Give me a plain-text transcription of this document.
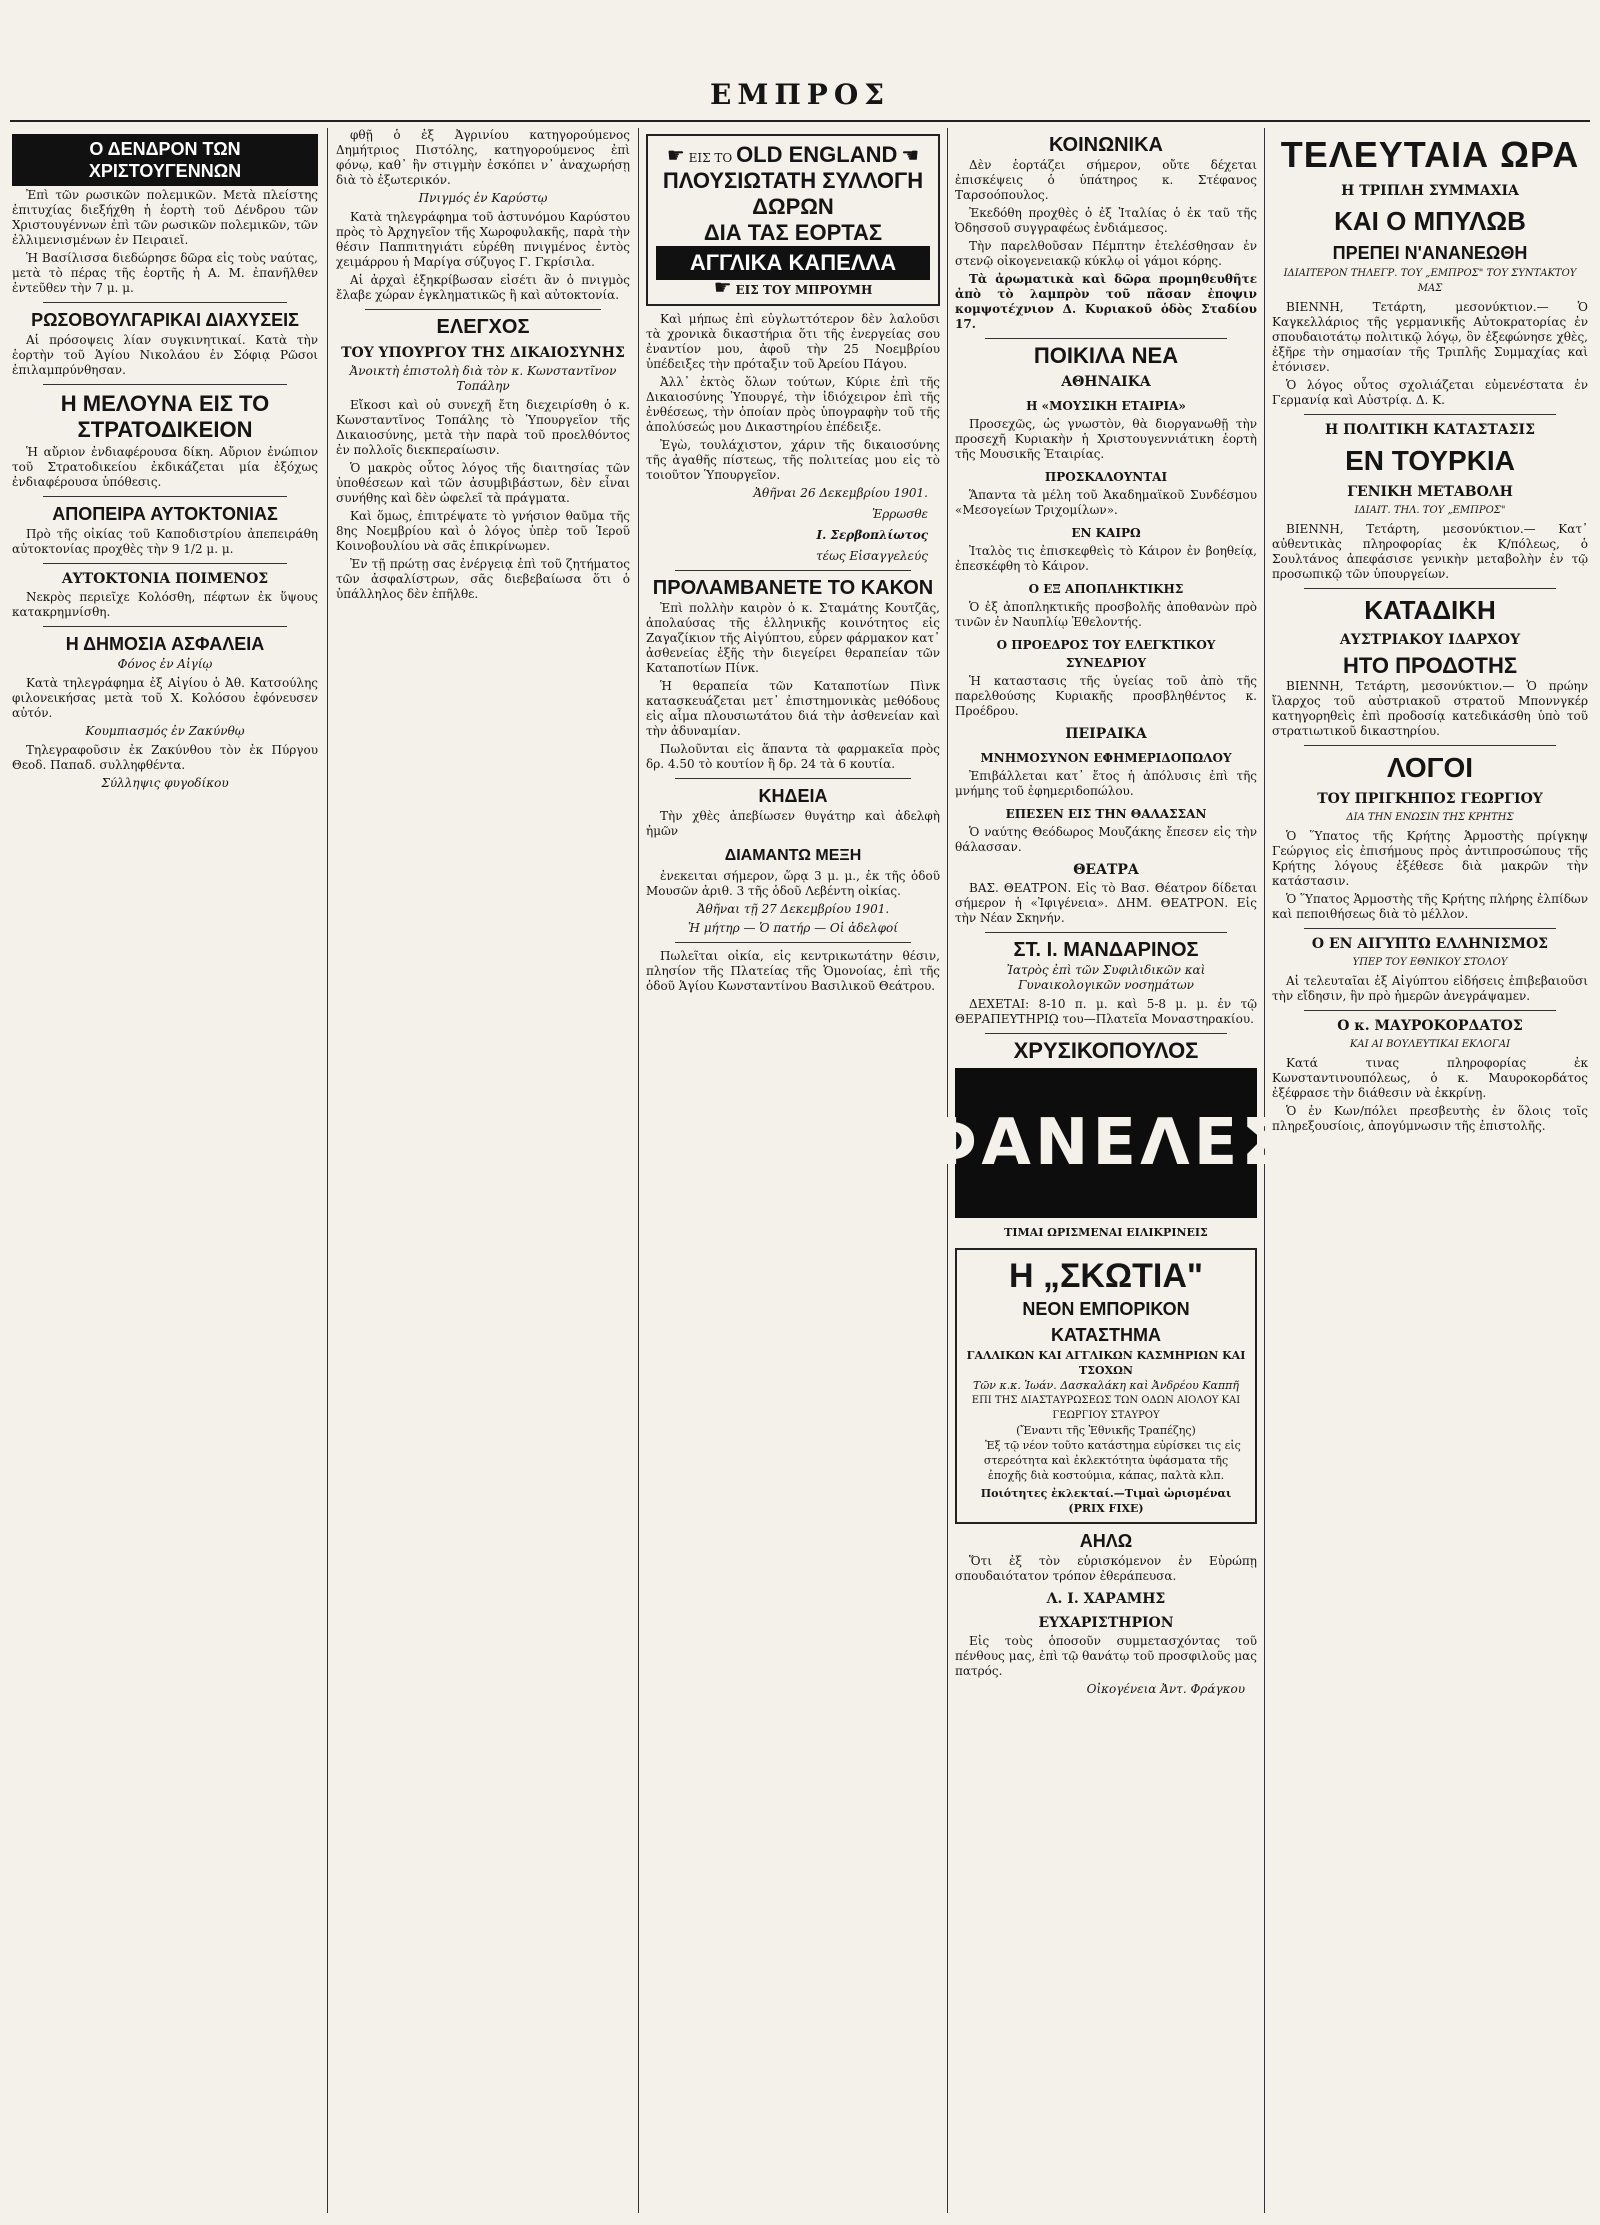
ΕΜΠΡΟΣ
Ο ΔΕΝΔΡΟΝ ΤΩΝ ΧΡΙΣΤΟΥΓΕΝΝΩΝ

Ἐπὶ τῶν ρωσικῶν πολεμικῶν. Μετὰ πλείστης ἐπιτυχίας διεξήχθη ἡ ἑορτὴ τοῦ Δένδρου τῶν Χριστουγέννων ἐπὶ τῶν ρωσικῶν πολεμικῶν, τῶν ἐλλιμενισμένων ἐν Πειραιεῖ.

Ἡ Βασίλισσα διεδώρησε δῶρα εἰς τοὺς ναύτας, μετὰ τὸ πέρας τῆς ἑορτῆς ἡ Α. Μ. ἐπανῆλθεν ἐντεῦθεν τὴν 7 μ. μ.

ΡΩΣΟΒΟΥΛΓΑΡΙΚΑΙ ΔΙΑΧΥΣΕΙΣ

Αἱ πρόσοψεις λίαν συγκινητικαί. Κατὰ τὴν ἑορτὴν τοῦ Ἁγίου Νικολάου ἐν Σόφιᾳ Ρῶσοι ἐπιλαμπρύνθησαν.

Η ΜΕΛΟΥΝΑ ΕΙΣ ΤΟ ΣΤΡΑΤΟΔΙΚΕΙΟΝ

Ἡ αὔριον ἐνδιαφέρουσα δίκη. Αὔριον ἐνώπιον τοῦ Στρατοδικείου ἐκδικάζεται μία ἐξόχως ἐνδιαφέρουσα ὑπόθεσις.

ΑΠΟΠΕΙΡΑ ΑΥΤΟΚΤΟΝΙΑΣ

Πρὸ τῆς οἰκίας τοῦ Καποδιστρίου ἀπεπειράθη αὐτοκτονίας προχθὲς τὴν 9 1/2 μ. μ.

ΑΥΤΟΚΤΟΝΙΑ ΠΟΙΜΕΝΟΣ

Νεκρὸς περιεῖχε Κολόσθη, πέφτων ἐκ ὕψους κατακρημνίσθη.

Η ΔΗΜΟΣΙΑ ΑΣΦΑΛΕΙΑ
Φόνος ἐν Αἰγίῳ

Κατὰ τηλεγράφημα ἐξ Αἰγίου ὁ Ἀθ. Κατσούλης φιλονεικήσας μετὰ τοῦ Χ. Κολόσου ἐφόνευσεν αὐτόν.

Κουμπιασμός ἐν Ζακύνθῳ

Τηλεγραφοῦσιν ἐκ Ζακύνθου τὸν ἐκ Πύργου Θεοδ. Παπαδ. συλληφθέντα.

Σύλληψις φυγοδίκου

φθῇ ὁ ἐξ Ἀγρινίου κατηγορούμενος Δημήτριος Πιστόλης, κατηγορούμενος ἐπὶ φόνῳ, καθ᾽ ἣν στιγμὴν ἐσκόπει ν᾽ ἀναχωρήσῃ διὰ τὸ ἐξωτερικόν.

Πνιγμός ἐν Καρύστῳ

Κατὰ τηλεγράφημα τοῦ ἀστυνόμου Καρύστου πρὸς τὸ Ἀρχηγεῖον τῆς Χωροφυλακῆς, παρὰ τὴν θέσιν Παππιτηγιάτι εὑρέθη πνιγμένος ἐντὸς χειμάρρου ἡ Μαρίγα σύζυγος Γ. Γκρίσιλα.

Αἱ ἀρχαὶ ἐξηκρίβωσαν εἰσέτι ἂν ὁ πνιγμὸς ἔλαβε χώραν ἐγκληματικῶς ἢ καὶ αὐτοκτονία.

ΕΛΕΓΧΟΣ
ΤΟΥ ΥΠΟΥΡΓΟΥ ΤΗΣ ΔΙΚΑΙΟΣΥΝΗΣ
Ἀνοικτὴ ἐπιστολὴ διὰ τὸν κ. Κωνσταντῖνον Τοπάλην

Εἴκοσι καὶ οὐ συνεχῆ ἔτη διεχειρίσθη ὁ κ. Κωνσταντῖνος Τοπάλης τὸ Ὑπουργεῖον τῆς Δικαιοσύνης, μετὰ τὴν παρὰ τοῦ προελθόντος ἐν πολλοῖς διεκπεραίωσιν.

Ὁ μακρὸς οὗτος λόγος τῆς διαιτησίας τῶν ὑποθέσεων καὶ τῶν ἀσυμβιβάστων, δὲν εἶναι συνήθης καὶ δὲν ὠφελεῖ τὰ πράγματα.

Καὶ ὅμως, ἐπιτρέψατε τὸ γνήσιον θαῦμα τῆς 8ης Νοεμβρίου καὶ ὁ λόγος ὑπὲρ τοῦ Ἱεροῦ Κοινοβουλίου νὰ σᾶς ἐπικρίνωμεν.

Ἐν τῇ πρώτῃ σας ἐνέργειᾳ ἐπὶ τοῦ ζητήματος τῶν ἀσφαλίστρων, σᾶς διεβεβαίωσα ὅτι ὁ ὑπάλληλος δὲν ἐπῆλθε.

☛ ΕΙΣ ΤΟ OLD ENGLAND ☚
ΠΛΟΥΣΙΩΤΑΤΗ ΣΥΛΛΟΓΗ ΔΩΡΩΝ
ΔΙΑ ΤΑΣ ΕΟΡΤΑΣ
ΑΓΓΛΙΚΑ ΚΑΠΕΛΛΑ
☛ ΕΙΣ ΤΟΥ ΜΠΡΟΥΜΗ

Καὶ μήπως ἐπὶ εὐγλωττότερον δὲν λαλοῦσι τὰ χρονικὰ δικαστήρια ὅτι τῆς ἐνεργείας σου ἐναντίον μου, ἀφοῦ τὴν 25 Νοεμβρίου ὑπέδειξες τὴν πρόταξιν τοῦ Ἀρείου Πάγου.

Ἀλλ᾽ ἐκτὸς ὅλων τούτων, Κύριε ἐπὶ τῆς Δικαιοσύνης Ὑπουργέ, τὴν ἰδιόχειρον ἐπὶ τῆς ἐνθέσεως, τὴν ὁποίαν πρὸς ὑπογραφὴν τοῦ τῆς ἀπολύσεώς μου Δικαστηρίου ἐπέδειξε.

Ἐγὼ, τουλάχιστον, χάριν τῆς δικαιοσύνης τῆς ἀγαθῆς πίστεως, τῆς πολιτείας μου εἰς τὸ τοιοῦτον Ὑπουργεῖον.

Ἀθῆναι 26 Δεκεμβρίου 1901.
Ἐρρωσθε
Ι. Σερβοπλίωτος
τέως Εἰσαγγελεύς
ΠΡΟΛΑΜΒΑΝΕΤΕ ΤΟ ΚΑΚΟΝ

Ἐπὶ πολλὴν καιρὸν ὁ κ. Σταμάτης Κουτζᾶς, ἀπολαύσας τῆς ἑλληνικῆς κοινότητος εἰς Ζαγαζίκιον τῆς Αἰγύπτου, εὗρεν φάρμακον κατ᾽ ἀσθενείας ἐξῆς τὴν διεγείρει θεραπείαν τῶν Καταποτίων Πίνκ.

Ἡ θεραπεία τῶν Καταποτίων Πὶνκ κατασκευάζεται μετ᾽ ἐπιστημονικὰς μεθόδους εἰς αἷμα πλουσιωτάτου διά τὴν ἀσθενείαν καὶ τὴν ἀδυναμίαν.

Πωλοῦνται εἰς ἅπαντα τὰ φαρμακεῖα πρὸς δρ. 4.50 τὸ κουτίον ἢ δρ. 24 τὰ 6 κουτία.

ΚΗΔΕΙΑ

Τὴν χθὲς ἀπεβίωσεν θυγάτηρ καὶ ἀδελφὴ ἡμῶν

ΔΙΑΜΑΝΤΩ ΜΕΞΗ

ἐνεκειται σήμερον, ὥρᾳ 3 μ. μ., ἐκ τῆς ὁδοῦ Μουσῶν ἀριθ. 3 τῆς ὁδοῦ Λεβέντη οἰκίας.

Ἀθῆναι τῇ 27 Δεκεμβρίου 1901.
Ἡ μήτηρ — Ὁ πατήρ — Οἱ ἀδελφοί

Πωλεῖται οἰκία, εἰς κεντρικωτάτην θέσιν, πλησίον τῆς Πλατείας τῆς Ὁμονοίας, ἐπὶ τῆς ὁδοῦ Ἁγίου Κωνσταντίνου Βασιλικοῦ Θεάτρου.

ΚΟΙΝΩΝΙΚΑ

Δὲν ἑορτάζει σήμερον, οὔτε δέχεται ἐπισκέψεις ὁ ὑπάτηρος κ. Στέφανος Ταρσοόπουλος.

Ἐκεδόθη προχθὲς ὁ ἐξ Ἰταλίας ὁ ἐκ ταῦ τῆς Ὀδησσοῦ συγγραφέως ἐνδιάμεσος.

Τὴν παρελθοῦσαν Πέμπτην ἐτελέσθησαν ἐν στενῷ οἰκογενειακῷ κύκλῳ οἱ γάμοι κόρης.

Τὰ ἀρωματικὰ καὶ δῶρα προμηθευθῆτε ἀπὸ τὸ λαμπρὸν τοῦ πᾶσαν ἐποψιν κομψοτέχνιον Δ. Κυριακοῦ ὁδὸς Σταδίου 17.

ΠΟΙΚΙΛΑ ΝΕΑ
ΑΘΗΝΑΙΚΑ
Η «ΜΟΥΣΙΚΗ ΕΤΑΙΡΙΑ»

Προσεχῶς, ὡς γνωστὸν, θὰ διοργανωθῇ τὴν προσεχῆ Κυριακὴν ἡ Χριστουγεννιάτικη ἑορτὴ τῆς Μουσικῆς Ἑταιρίας.

ΠΡΟΣΚΑΛΟΥΝΤΑΙ

Ἅπαντα τὰ μέλη τοῦ Ἀκαδημαϊκοῦ Συνδέσμου «Μεσογείων Τριχομίλων».

ΕΝ ΚΑΙΡΩ

Ἰταλὸς τις ἐπισκεφθεὶς τὸ Κάιρον ἐν βοηθείᾳ, ἐπεσκέφθη τὸ Κάιρον.

Ο ΕΞ ΑΠΟΠΛΗΚΤΙΚΗΣ

Ὁ ἐξ ἀποπληκτικῆς προσβολῆς ἀποθανὼν πρὸ τινῶν ἐν Ναυπλίῳ Ἐθελοντής.

Ο ΠΡΟΕΔΡΟΣ ΤΟΥ ΕΛΕΓΚΤΙΚΟΥ ΣΥΝΕΔΡΙΟΥ

Ἡ καταστασις τῆς ὑγείας τοῦ ἀπὸ τῆς παρελθούσης Κυριακῆς προσβληθέντος κ. Προέδρου.

ΠΕΙΡΑΙΚΑ
ΜΝΗΜΟΣΥΝΟΝ ΕΦΗΜΕΡΙΔΟΠΩΛΟΥ

Ἐπιβάλλεται κατ᾽ ἔτος ἡ ἀπόλυσις ἐπὶ τῆς μνήμης τοῦ ἐφημεριδοπώλου.

ΕΠΕΣΕΝ ΕΙΣ ΤΗΝ ΘΑΛΑΣΣΑΝ

Ὁ ναύτης Θεόδωρος Μουζάκης ἔπεσεν εἰς τὴν θάλασσαν.

ΘΕΑΤΡΑ

ΒΑΣ. ΘΕΑΤΡΟΝ. Εἰς τὸ Βασ. Θέατρον δίδεται σήμερον ἡ «Ἰφιγένεια». ΔΗΜ. ΘΕΑΤΡΟΝ. Εἰς τὴν Νέαν Σκηνήν.

ΣΤ. Ι. ΜΑΝΔΑΡΙΝΟΣ
Ἰατρὸς ἐπὶ τῶν Συφιλιδικῶν καὶ Γυναικολογικῶν νοσημάτων

ΔΕΧΕΤΑΙ: 8-10 π. μ. καὶ 5-8 μ. μ. ἐν τῷ ΘΕΡΑΠΕΥΤΗΡΙῼ του—Πλατεῖα Μοναστηρακίου.

ΧΡΥΣΙΚΟΠΟΥΛΟΣ
ΦΑΝΕΛΕΣ
ΤΙΜΑΙ ΩΡΙΣΜΕΝΑΙ ΕΙΛΙΚΡΙΝΕΙΣ
Η „ΣΚΩΤΙΑ"
ΝΕΟΝ ΕΜΠΟΡΙΚΟΝ ΚΑΤΑΣΤΗΜΑ
ΓΑΛΛΙΚΩΝ ΚΑΙ ΑΓΓΛΙΚΩΝ ΚΑΣΜΗΡΙΩΝ ΚΑΙ ΤΣΟΧΩΝ
Τῶν κ.κ. Ἰωάν. Δασκαλάκη καὶ Ἀνδρέου Καππῆ
ΕΠΙ ΤΗΣ ΔΙΑΣΤΑΥΡΩΣΕΩΣ ΤΩΝ ΟΔΩΝ ΑΙΟΛΟΥ ΚΑΙ ΓΕΩΡΓΙΟΥ ΣΤΑΥΡΟΥ
(Ἔναντι τῆς Ἐθνικῆς Τραπέζης)

Ἐξ τῷ νέον τοῦτο κατάστημα εὑρίσκει τις εἰς στερεότητα καὶ ἐκλεκτότητα ὑφάσματα τῆς ἐποχῆς διὰ κοστούμια, κάπας, παλτὰ κλπ.

Ποιότητες ἐκλεκταί.—Τιμαὶ ὡρισμέναι (PRIX FIXE)
ΑΗΛΩ

Ὅτι ἐξ τὸν εὑρισκόμενον ἐν Εὐρώπῃ σπουδαιότατον τρόπον ἐθεράπευσα.

Λ. Ι. ΧΑΡΑΜΗΣ
ΕΥΧΑΡΙΣΤΗΡΙΟΝ

Εἰς τοὺς ὁποσοῦν συμμετασχόντας τοῦ πένθους μας, ἐπὶ τῷ θανάτῳ τοῦ προσφιλοῦς μας πατρός.

Οἰκογένεια Ἀντ. Φράγκου
ΤΕΛΕΥΤΑΙΑ ΩΡΑ
Η ΤΡΙΠΛΗ ΣΥΜΜΑΧΙΑ
ΚΑΙ Ο ΜΠΥΛΩΒ
ΠΡΕΠΕΙ Ν'ΑΝΑΝΕΩΘΗ
ΙΔΙΑΙΤΕΡΟΝ ΤΗΛΕΓΡ. ΤΟΥ „ΕΜΠΡΟΣ" ΤΟΥ ΣΥΝΤΑΚΤΟΥ ΜΑΣ

ΒΙΕΝΝΗ, Τετάρτη, μεσονύκτιον.— Ὁ Καγκελλάριος τῆς γερμανικῆς Αὐτοκρατορίας ἐν σπουδαιοτάτῳ πολιτικῷ λόγῳ, ὃν ἐξεφώνησε χθὲς, ἐξῆρε τὴν σημασίαν τῆς Τριπλῆς Συμμαχίας καὶ ἐτόνισεν.

Ὁ λόγος οὗτος σχολιάζεται εὐμενέστατα ἐν Γερμανίᾳ καὶ Αὐστρίᾳ. Δ. Κ.

Η ΠΟΛΙΤΙΚΗ ΚΑΤΑΣΤΑΣΙΣ
ΕΝ ΤΟΥΡΚΙΑ
ΓΕΝΙΚΗ ΜΕΤΑΒΟΛΗ
ΙΔΙΑΙΤ. ΤΗΛ. ΤΟΥ „ΕΜΠΡΟΣ"

ΒΙΕΝΝΗ, Τετάρτη, μεσονύκτιον.— Κατ᾽ αὐθεντικὰς πληροφορίας ἐκ Κ/πόλεως, ὁ Σουλτάνος ἀπεφάσισε γενικὴν μεταβολὴν ἐν τῷ προσωπικῷ τῶν ὑπουργείων.

ΚΑΤΑΔΙΚΗ
ΑΥΣΤΡΙΑΚΟΥ ΙΔΑΡΧΟΥ
ΗΤΟ ΠΡΟΔΟΤΗΣ

ΒΙΕΝΝΗ, Τετάρτη, μεσονύκτιον.— Ὁ πρώην ἴλαρχος τοῦ αὐστριακοῦ στρατοῦ Μποννγκέρ κατηγορηθεὶς ἐπὶ προδοσίᾳ κατεδικάσθη ὑπὸ τοῦ στρατιωτικοῦ δικαστηρίου.

ΛΟΓΟΙ
ΤΟΥ ΠΡΙΓΚΗΠΟΣ ΓΕΩΡΓΙΟΥ
ΔΙΑ ΤΗΝ ΕΝΩΣΙΝ ΤΗΣ ΚΡΗΤΗΣ

Ὁ Ὕπατος τῆς Κρήτης Ἁρμοστὴς πρίγκηψ Γεώργιος εἰς ἐπισήμους πρὸς ἀντιπροσώπους τῆς Κρήτης λόγους ἐξέθεσε διὰ μακρῶν τὴν κατάστασιν.

Ὁ Ὕπατος Ἁρμοστὴς τῆς Κρήτης πλήρης ἐλπίδων καὶ πεποιθήσεως διὰ τὸ μέλλον.

Ο ΕΝ ΑΙΓΥΠΤΩ ΕΛΛΗΝΙΣΜΟΣ
ΥΠΕΡ ΤΟΥ ΕΘΝΙΚΟΥ ΣΤΟΛΟΥ

Αἱ τελευταῖαι ἐξ Αἰγύπτου εἰδήσεις ἐπιβεβαιοῦσι τὴν εἴδησιν, ἣν πρὸ ἡμερῶν ἀνεγράψαμεν.

Ο κ. ΜΑΥΡΟΚΟΡΔΑΤΟΣ
ΚΑΙ ΑΙ ΒΟΥΛΕΥΤΙΚΑΙ ΕΚΛΟΓΑΙ

Κατά τινας πληροφορίας ἐκ Κωνσταντινουπόλεως, ὁ κ. Μαυροκορδάτος ἐξέφρασε τὴν διάθεσιν νὰ ἐκκρίνῃ.

Ὁ ἐν Κων/πόλει πρεσβευτὴς ἐν ὅλοις τοῖς πληρεξουσίοις, ἀπογύμνωσιν τῆς ἐπιστολῆς.
